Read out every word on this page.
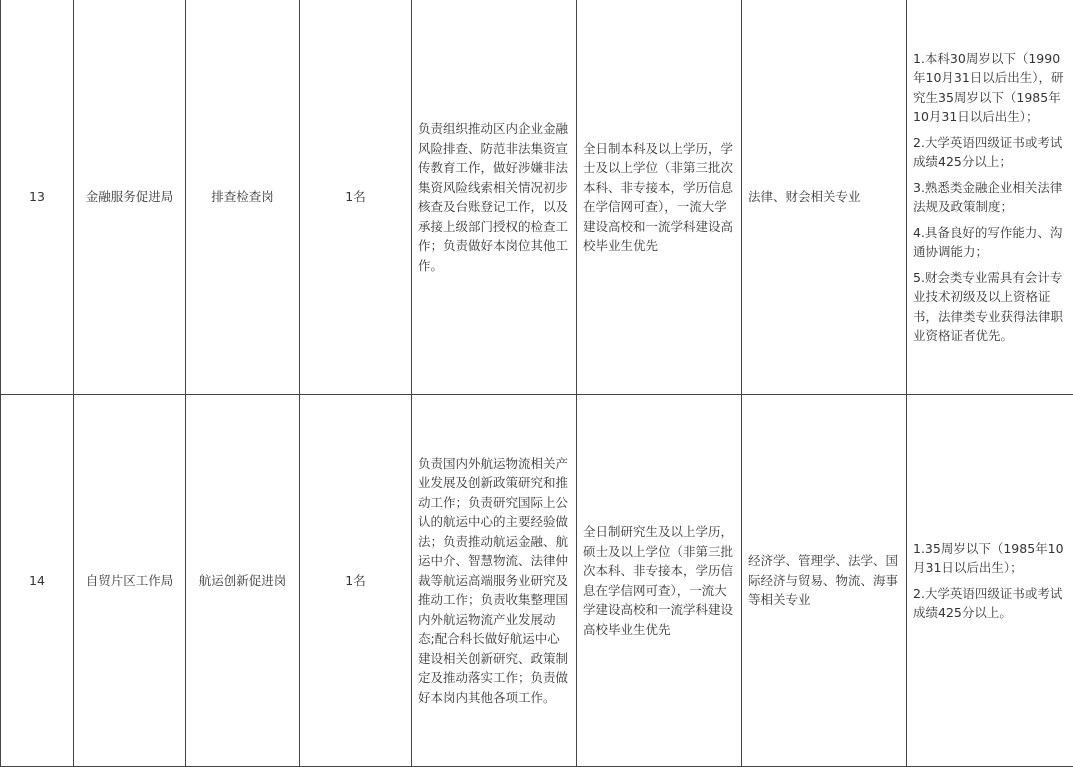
13	金融服务促进局	排查检查岗	1名	负责组织推动区内企业金融风险排查、防范非法集资宣传教育工作，做好涉嫌非法集资风险线索相关情况初步核查及台账登记工作，以及承接上级部门授权的检查工作；负责做好本岗位其他工作。	全日制本科及以上学历，学士及以上学位（非第三批次本科、非专接本，学历信息在学信网可查），一流大学建设高校和一流学科建设高校毕业生优先	法律、财会相关专业	1.本科30周岁以下（1990年10月31日以后出生），研究生35周岁以下（1985年10月31日以后出生）；
2.大学英语四级证书或考试成绩425分以上；
3.熟悉类金融企业相关法律法规及政策制度；
4.具备良好的写作能力、沟通协调能力；
5.财会类专业需具有会计专业技术初级及以上资格证书，法律类专业获得法律职业资格证者优先。

14	自贸片区工作局	航运创新促进岗	1名	负责国内外航运物流相关产业发展及创新政策研究和推动工作；负责研究国际上公认的航运中心的主要经验做法；负责推动航运金融、航运中介、智慧物流、法律仲裁等航运高端服务业研究及推动工作；负责收集整理国内外航运物流产业发展动态;配合科长做好航运中心建设相关创新研究、政策制定及推动落实工作；负责做好本岗内其他各项工作。	全日制研究生及以上学历，硕士及以上学位（非第三批次本科、非专接本，学历信息在学信网可查），一流大学建设高校和一流学科建设高校毕业生优先	经济学、管理学、法学、国际经济与贸易、物流、海事等相关专业	1.35周岁以下（1985年10月31日以后出生）；
2.大学英语四级证书或考试成绩425分以上。
